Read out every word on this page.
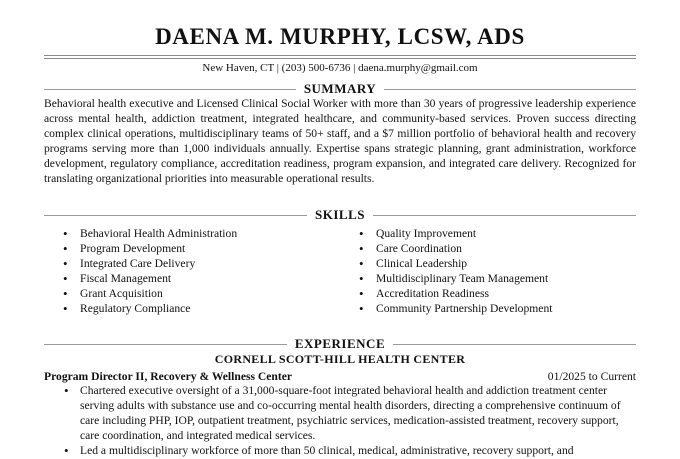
DAENA M. MURPHY, LCSW, ADS
New Haven, CT | (203) 500-6736 | daena.murphy@gmail.com
SUMMARY

Behavioral health executive and Licensed Clinical Social Worker with more than 30 years of progressive leadership experience across mental health, addiction treatment, integrated healthcare, and community-based services. Proven success directing complex clinical operations, multidisciplinary teams of 50+ staff, and a $7 million portfolio of behavioral health and recovery programs serving more than 1,000 individuals annually. Expertise spans strategic planning, grant administration, workforce development, regulatory compliance, accreditation readiness, program expansion, and integrated care delivery. Recognized for translating organizational priorities into measurable operational results.

SKILLS
• Behavioral Health Administration
• Program Development
• Integrated Care Delivery
• Fiscal Management
• Grant Acquisition
• Regulatory Compliance
• Quality Improvement
• Care Coordination
• Clinical Leadership
• Multidisciplinary Team Management
• Accreditation Readiness
• Community Partnership Development
EXPERIENCE
CORNELL SCOTT-HILL HEALTH CENTER
Program Director II, Recovery & Wellness Center	01/2025 to Current
• Chartered executive oversight of a 31,000-square-foot integrated behavioral health and addiction treatment center serving adults with substance use and co-occurring mental health disorders, directing a comprehensive continuum of care including PHP, IOP, outpatient treatment, psychiatric services, medication-assisted treatment, recovery support, care coordination, and integrated medical services.
• Led a multidisciplinary workforce of more than 50 clinical, medical, administrative, recovery support, and
